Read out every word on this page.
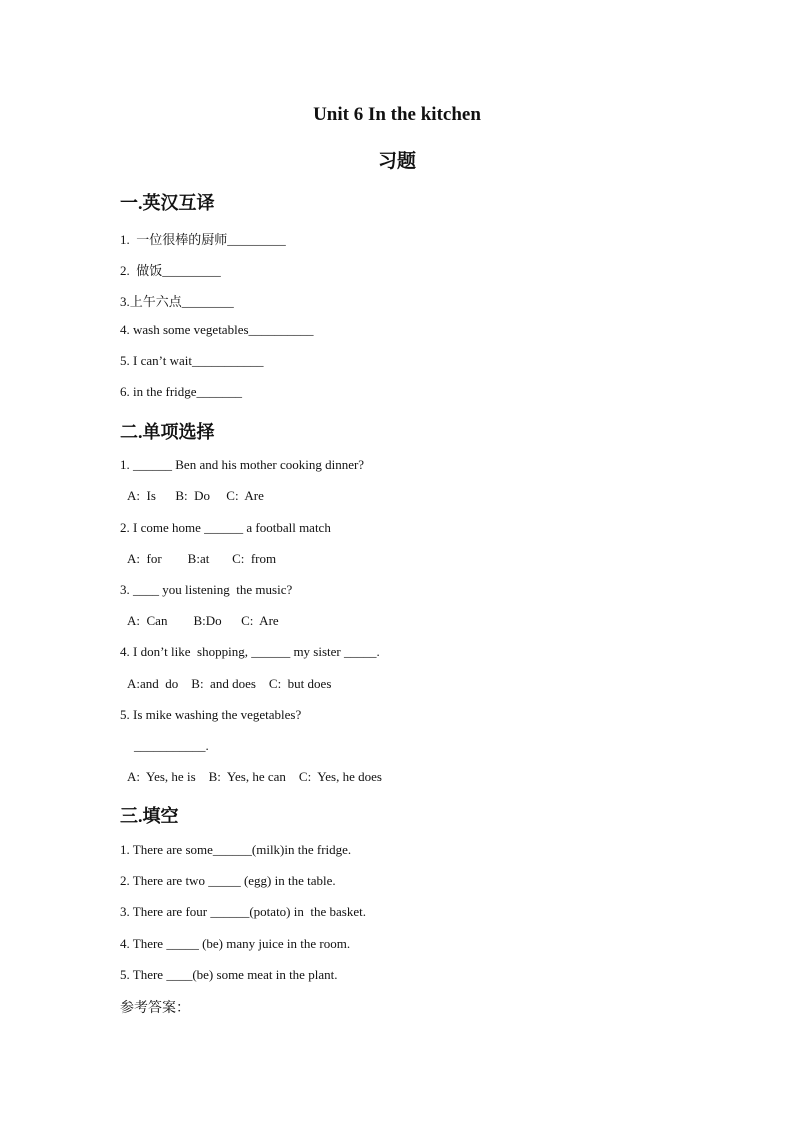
Unit 6 In the kitchen
习题
一.英汉互译

1.  一位很棒的厨师_________

2.  做饭_________

3.上午六点________

4. wash some vegetables__________

5. I can’t wait___________

6. in the fridge_______

二.单项选择

1. ______ Ben and his mother cooking dinner?

A:  Is      B:  Do     C:  Are

2. I come home ______ a football match

A:  for        B:at       C:  from

3. ____ you listening  the music?

A:  Can        B:Do      C:  Are

4. I don’t like  shopping, ______ my sister _____.

A:and  do    B:  and does    C:  but does

5. Is mike washing the vegetables?

___________.

A:  Yes, he is    B:  Yes, he can    C:  Yes, he does

三.填空

1. There are some______(milk)in the fridge.

2. There are two _____ (egg) in the table.

3. There are four ______(potato) in  the basket.

4. There _____ (be) many juice in the room.

5. There ____(be) some meat in the plant.

参考答案：
